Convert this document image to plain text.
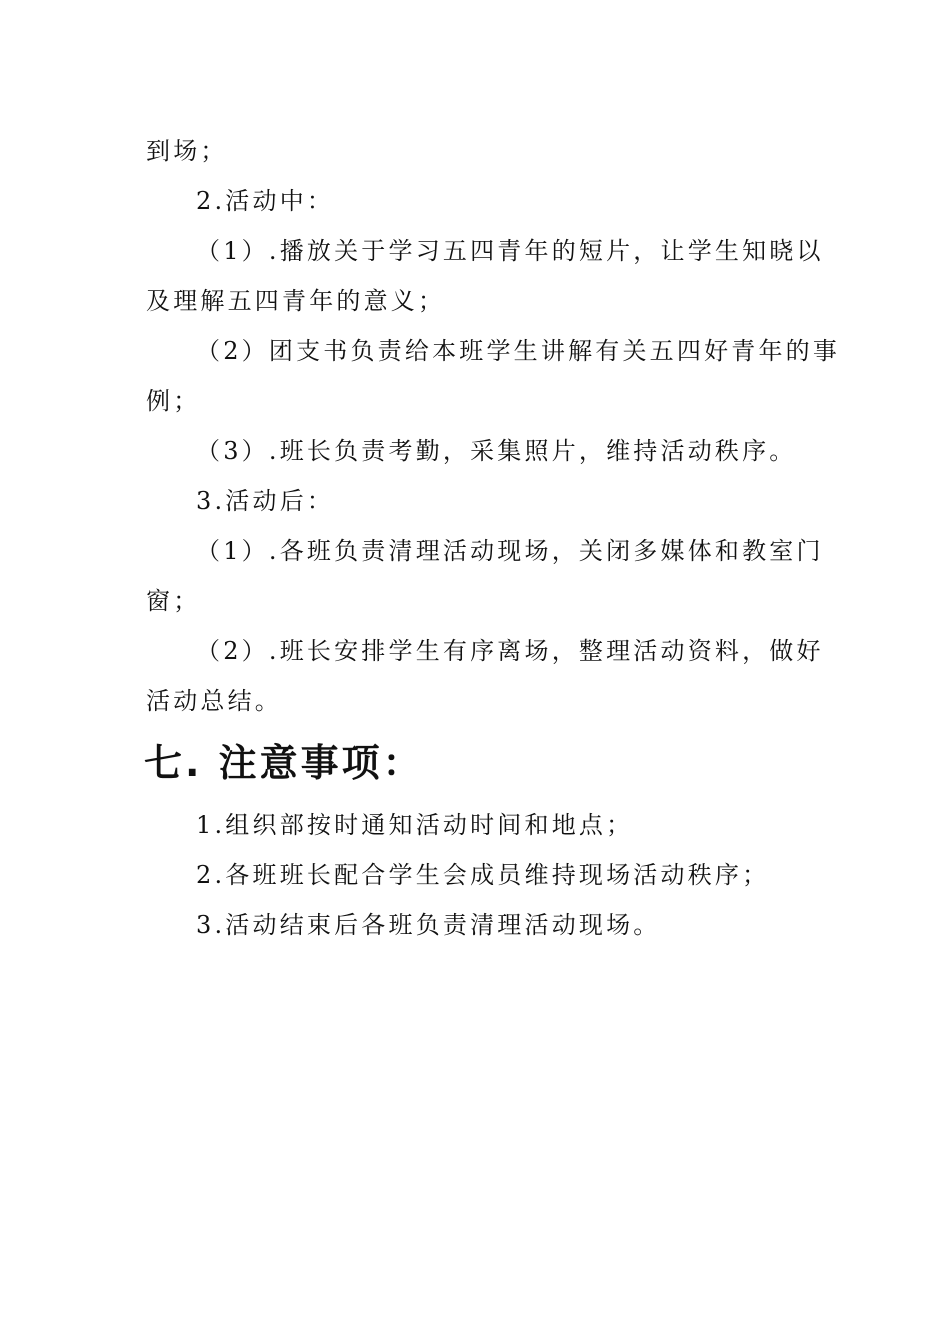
到场；
2.活动中：
（1）.播放关于学习五四青年的短片，让学生知晓以
及理解五四青年的意义；
（2）团支书负责给本班学生讲解有关五四好青年的事
例；
（3）.班长负责考勤，采集照片，维持活动秩序。
3.活动后：
（1）.各班负责清理活动现场，关闭多媒体和教室门
窗；
（2）.班长安排学生有序离场，整理活动资料，做好
活动总结。
七. 注意事项：
1.组织部按时通知活动时间和地点；
2.各班班长配合学生会成员维持现场活动秩序；
3.活动结束后各班负责清理活动现场。
